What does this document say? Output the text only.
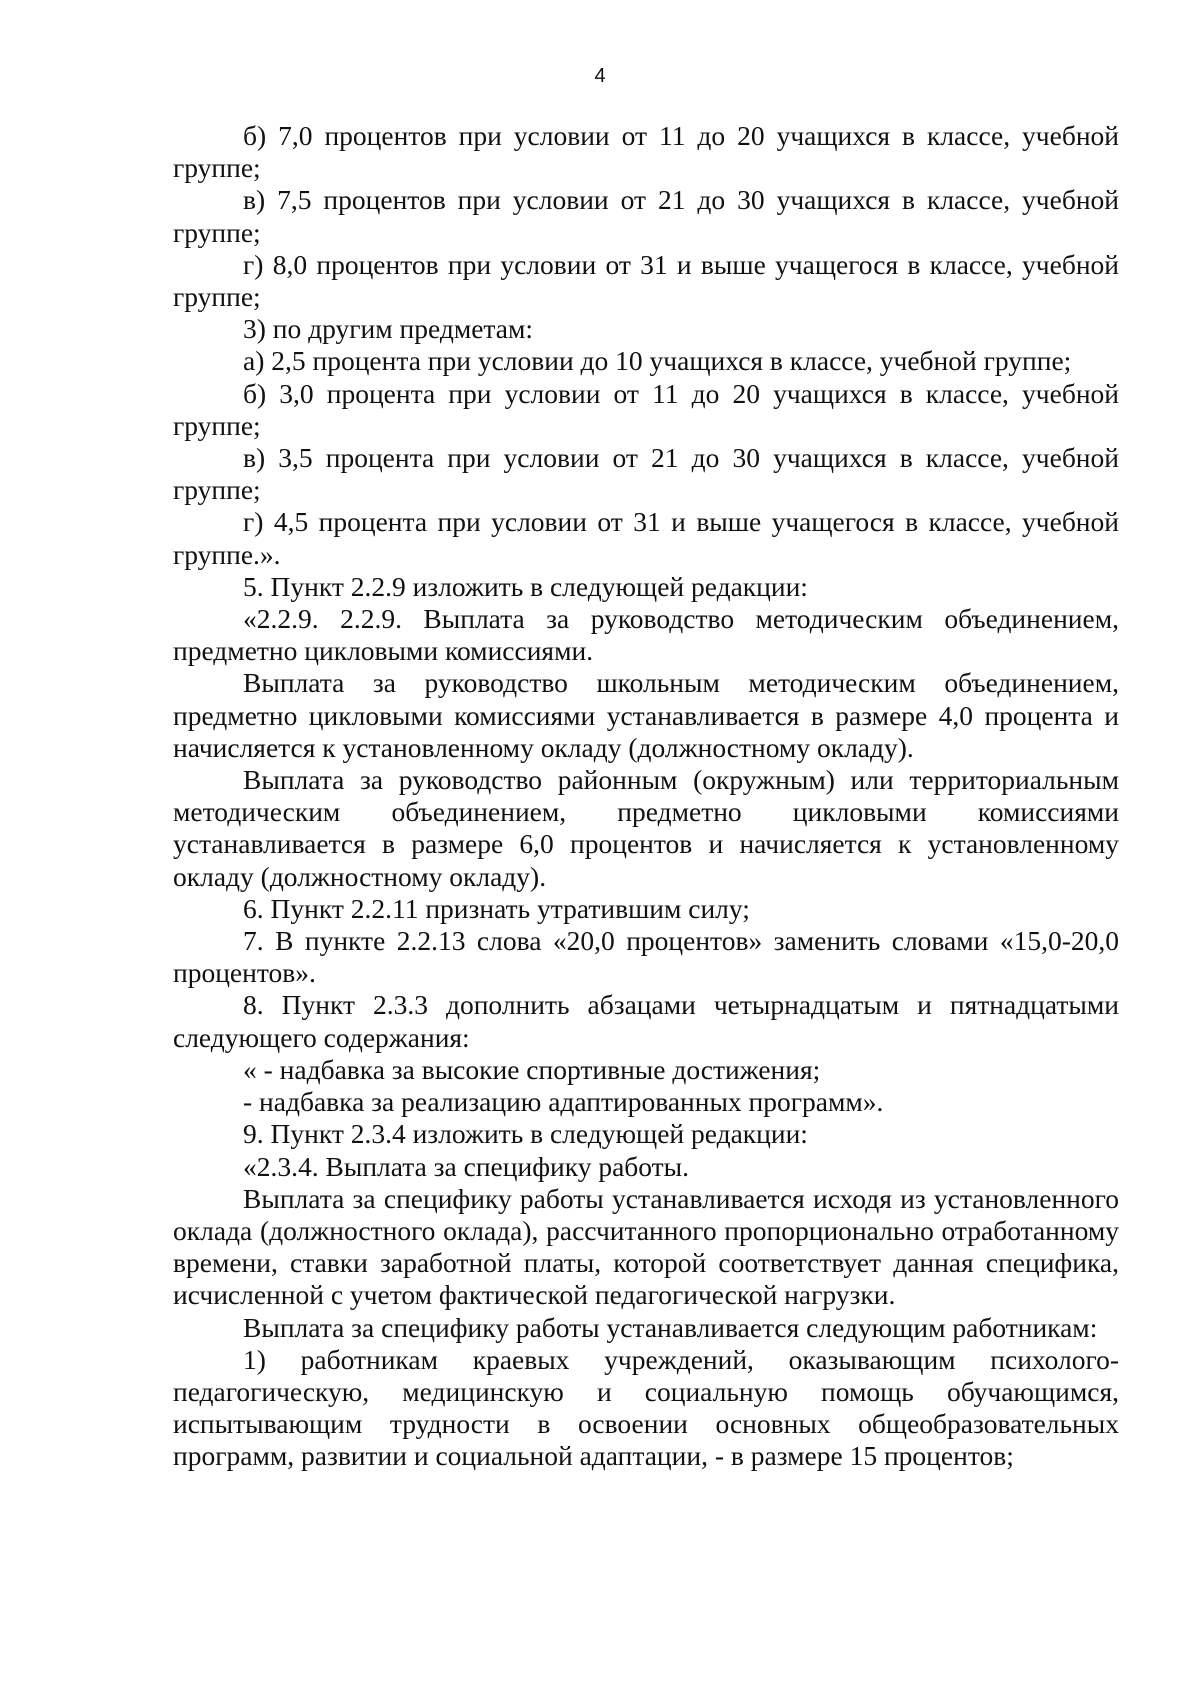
4

б) 7,0 процентов при условии от 11 до 20 учащихся в классе, учебной группе;

в) 7,5 процентов при условии от 21 до 30 учащихся в классе, учебной группе;

г) 8,0 процентов при условии от 31 и выше учащегося в классе, учебной группе;

3) по другим предметам:

а) 2,5 процента при условии до 10 учащихся в классе, учебной группе;

б) 3,0 процента при условии от 11 до 20 учащихся в классе, учебной группе;

в) 3,5 процента при условии от 21 до 30 учащихся в классе, учебной группе;

г) 4,5 процента при условии от 31 и выше учащегося в классе, учебной группе.».

5. Пункт 2.2.9 изложить в следующей редакции:

«2.2.9. 2.2.9. Выплата за руководство методическим объединением, предметно цикловыми комиссиями.

Выплата за руководство школьным методическим объединением, предметно цикловыми комиссиями устанавливается в размере 4,0 процента и начисляется к установленному окладу (должностному окладу).

Выплата за руководство районным (окружным) или территориальным методическим объединением, предметно цикловыми комиссиями устанавливается в размере 6,0 процентов и начисляется к установленному окладу (должностному окладу).

6. Пункт 2.2.11 признать утратившим силу;

7. В пункте 2.2.13 слова «20,0 процентов» заменить словами «15,0-20,0 процентов».

8. Пункт 2.3.3 дополнить абзацами четырнадцатым и пятнадцатыми следующего содержания:

« - надбавка за высокие спортивные достижения;

- надбавка за реализацию адаптированных программ».

9. Пункт 2.3.4 изложить в следующей редакции:

«2.3.4. Выплата за специфику работы.

Выплата за специфику работы устанавливается исходя из установленного оклада (должностного оклада), рассчитанного пропорционально отработанному времени, ставки заработной платы, которой соответствует данная специфика, исчисленной с учетом фактической педагогической нагрузки.

Выплата за специфику работы устанавливается следующим работникам:

1) работникам краевых учреждений, оказывающим психолого-педагогическую, медицинскую и социальную помощь обучающимся, испытывающим трудности в освоении основных общеобразовательных программ, развитии и социальной адаптации, - в размере 15 процентов;
